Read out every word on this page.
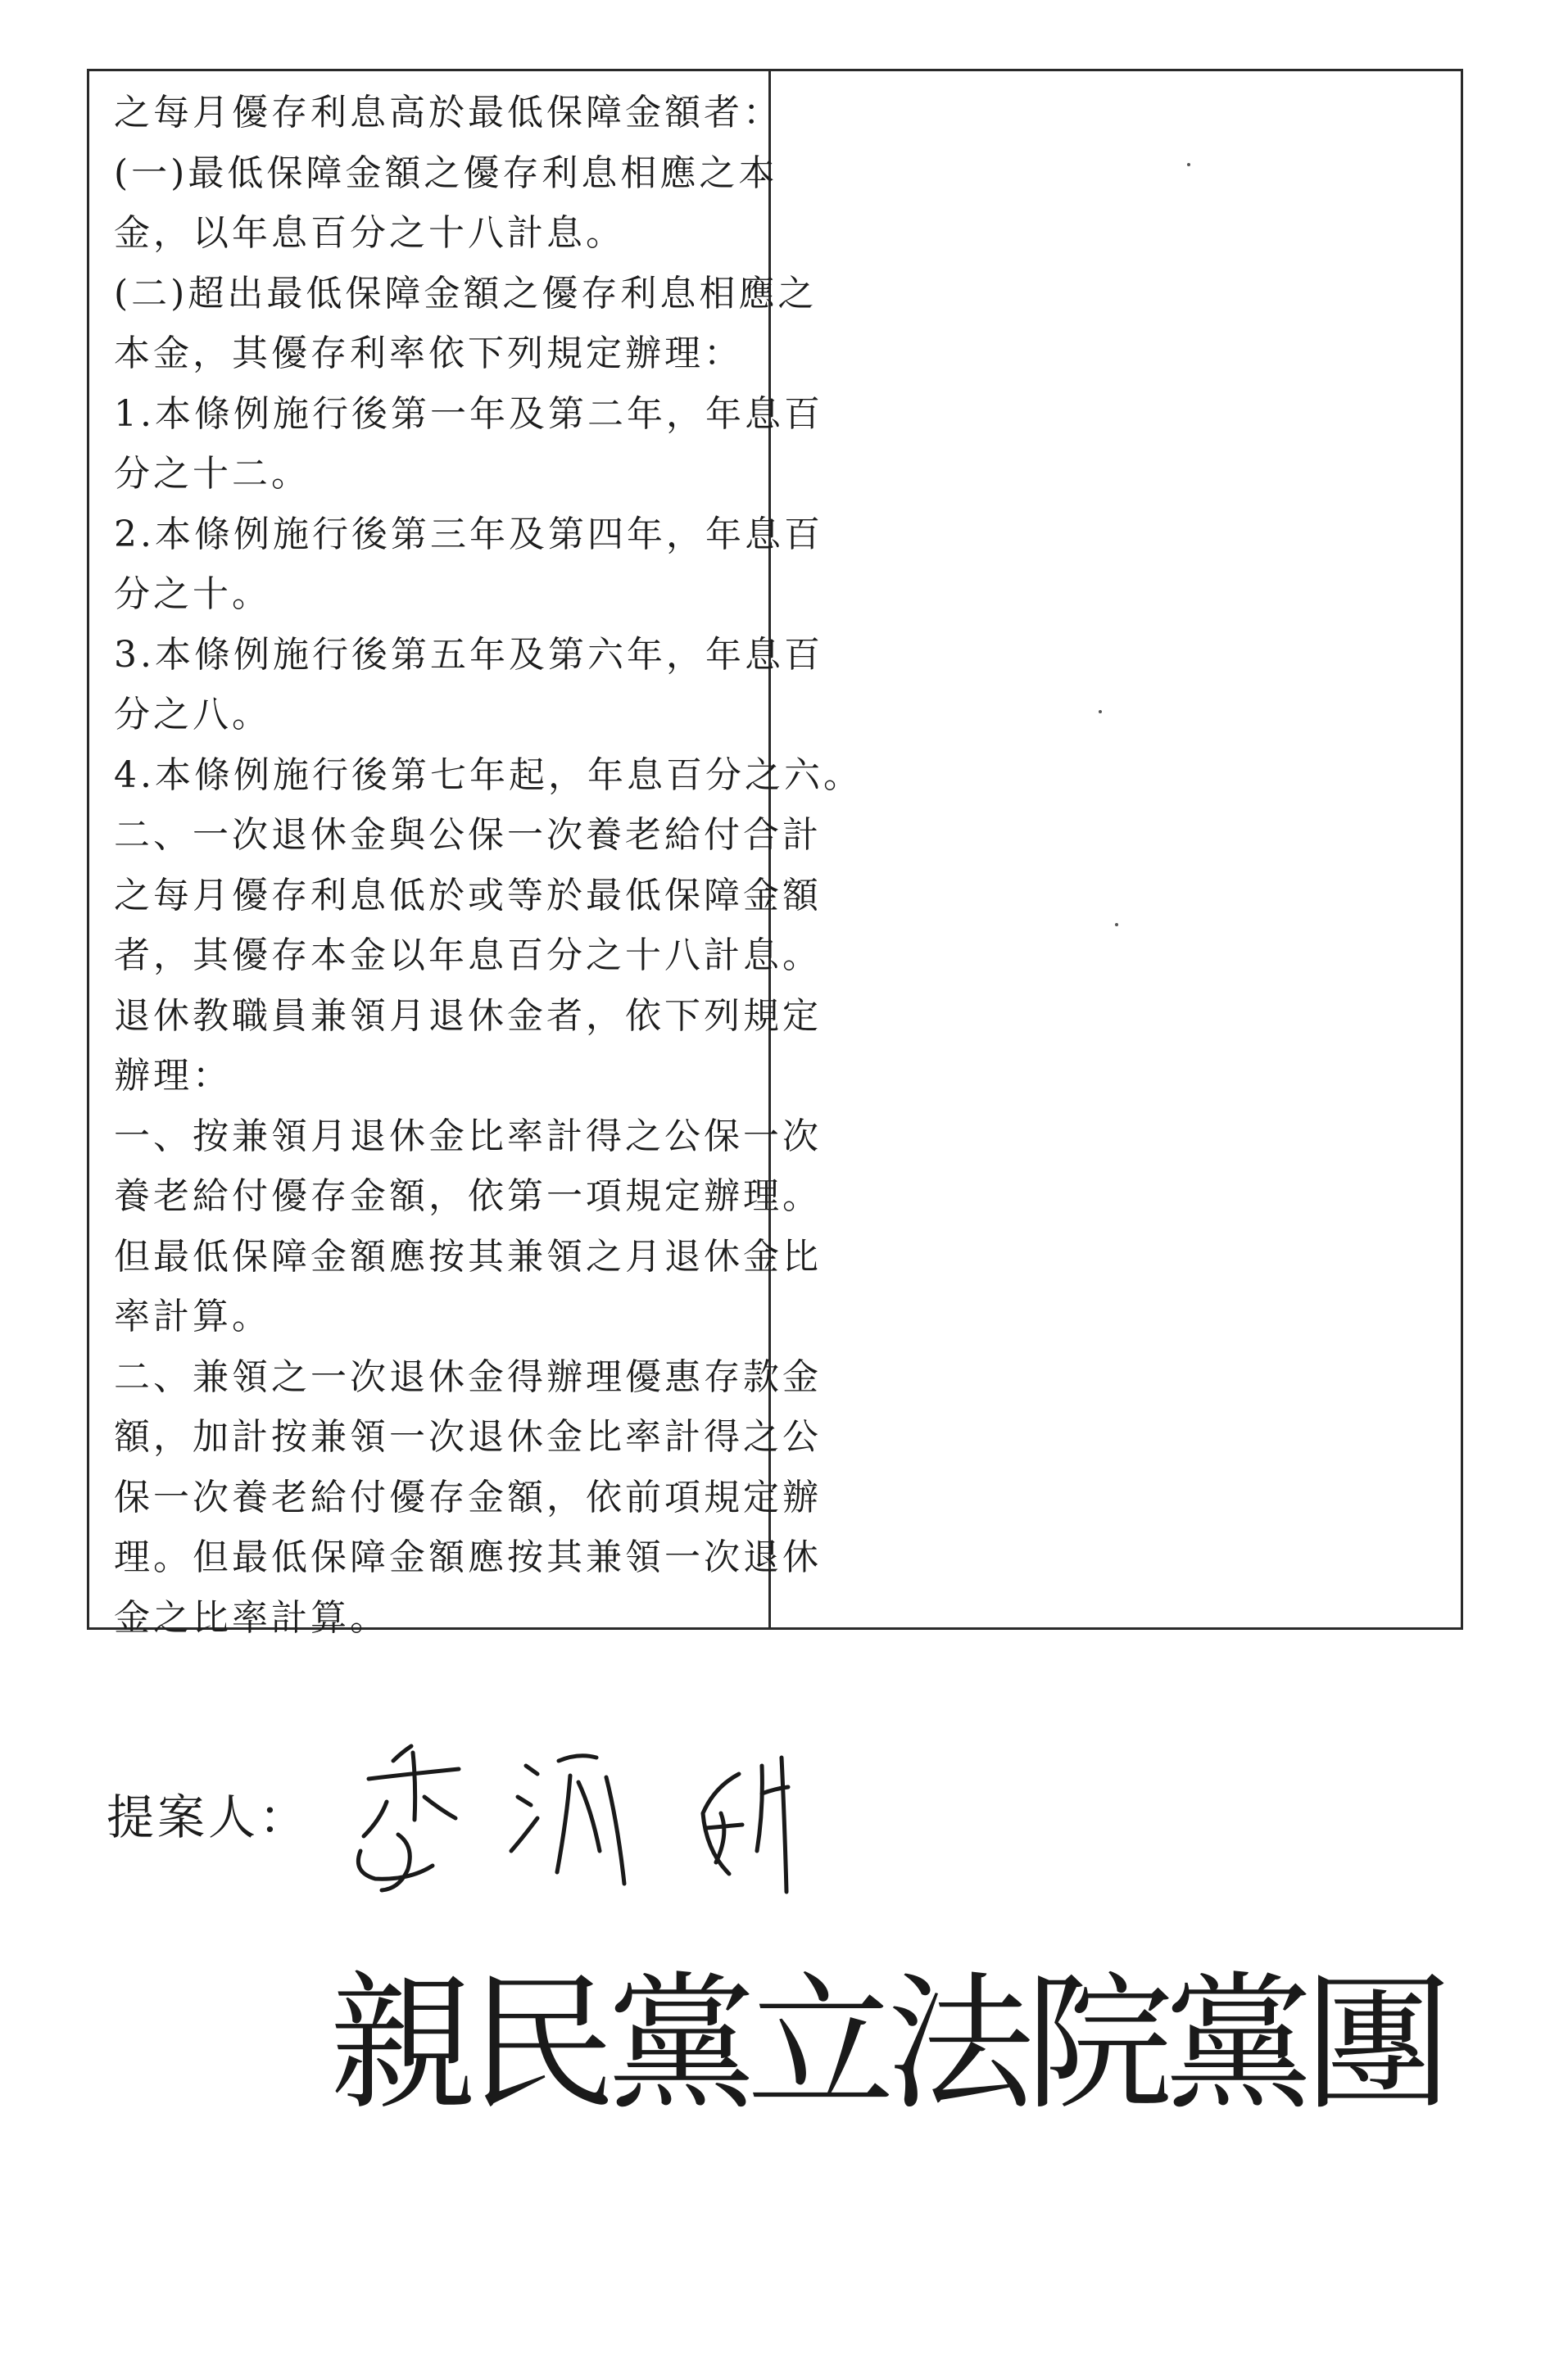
之每月優存利息高於最低保障金額者：
(一)最低保障金額之優存利息相應之本
金，以年息百分之十八計息。
(二)超出最低保障金額之優存利息相應之
本金，其優存利率依下列規定辦理：
1.本條例施行後第一年及第二年，年息百
分之十二。
2.本條例施行後第三年及第四年，年息百
分之十。
3.本條例施行後第五年及第六年，年息百
分之八。
4.本條例施行後第七年起，年息百分之六。
二、一次退休金與公保一次養老給付合計
之每月優存利息低於或等於最低保障金額
者，其優存本金以年息百分之十八計息。
退休教職員兼領月退休金者，依下列規定
辦理：
一、按兼領月退休金比率計得之公保一次
養老給付優存金額，依第一項規定辦理。
但最低保障金額應按其兼領之月退休金比
率計算。
二、兼領之一次退休金得辦理優惠存款金
額，加計按兼領一次退休金比率計得之公
保一次養老給付優存金額，依前項規定辦
理。但最低保障金額應按其兼領一次退休
金之比率計算。
提案人：
親民黨立法院黨團
